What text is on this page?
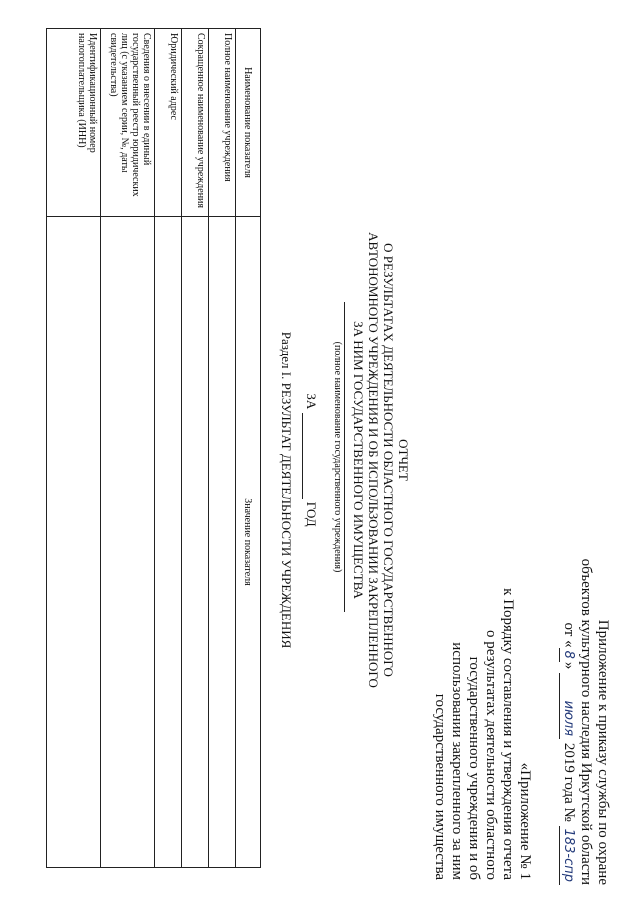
Приложение к приказу службы по охране
объектов культурного наследия Иркутской области
от «8» июля 2019 года № 183-спр
«Приложение № 1
к Порядку составления и утверждения отчета
о результатах деятельности областного
государственного учреждения и об
использовании закрепленного за ним
государственного имущества
ОТЧЕТ
О РЕЗУЛЬТАТАХ ДЕЯТЕЛЬНОСТИ ОБЛАСТНОГО ГОСУДАРСТВЕННОГО
АВТОНОМНОГО УЧРЕЖДЕНИЯ И ОБ ИСПОЛЬЗОВАНИИ ЗАКРЕПЛЕННОГО
ЗА НИМ ГОСУДАРСТВЕННОГО ИМУЩЕСТВА
(полное наименование государственного учреждения)
ЗА   ГОД
Раздел I. РЕЗУЛЬТАТ ДЕЯТЕЛЬНОСТИ УЧРЕЖДЕНИЯ
Наименование показателя	Значение показателя
Полное наименование учреждения	
Сокращенное наименование учреждения	
Юридический адрес	
Сведения о внесении в единый государственный реестр юридических лиц (с указанием серии, №, даты свидетельства)	
Идентификационный номер налогоплательщика (ИНН)	
